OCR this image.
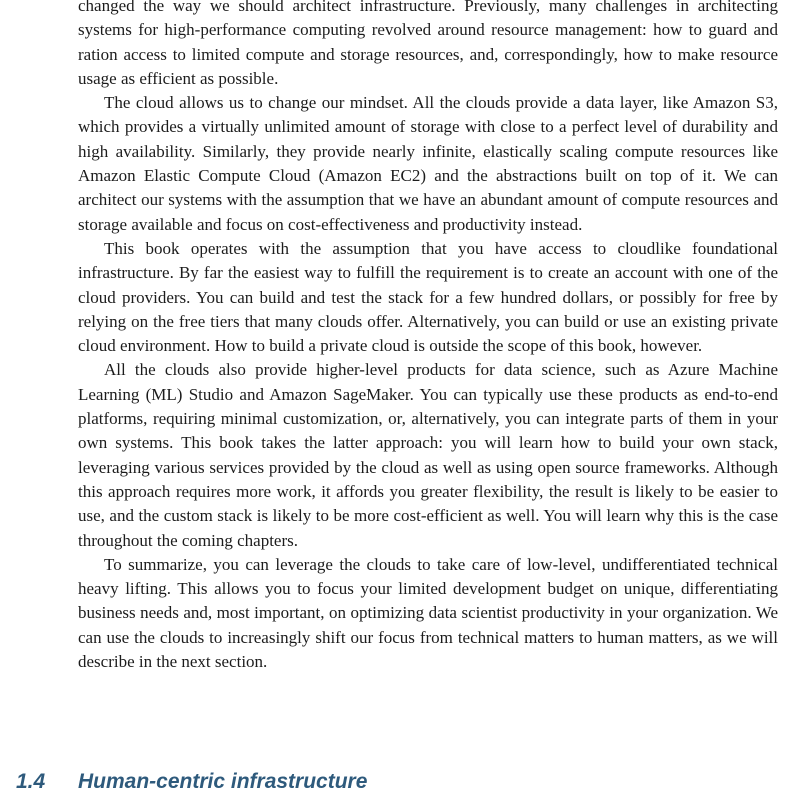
changed the way we should architect infrastructure. Previously, many challenges in architecting systems for high-performance computing revolved around resource management: how to guard and ration access to limited compute and storage resources, and, correspondingly, how to make resource usage as efficient as possible.

The cloud allows us to change our mindset. All the clouds provide a data layer, like Amazon S3, which provides a virtually unlimited amount of storage with close to a perfect level of durability and high availability. Similarly, they provide nearly infinite, elastically scaling compute resources like Amazon Elastic Compute Cloud (Amazon EC2) and the abstractions built on top of it. We can architect our systems with the assumption that we have an abundant amount of compute resources and storage available and focus on cost-effectiveness and productivity instead.

This book operates with the assumption that you have access to cloudlike foundational infrastructure. By far the easiest way to fulfill the requirement is to create an account with one of the cloud providers. You can build and test the stack for a few hundred dollars, or possibly for free by relying on the free tiers that many clouds offer. Alternatively, you can build or use an existing private cloud environment. How to build a private cloud is outside the scope of this book, however.

All the clouds also provide higher-level products for data science, such as Azure Machine Learning (ML) Studio and Amazon SageMaker. You can typically use these products as end-to-end platforms, requiring minimal customization, or, alternatively, you can integrate parts of them in your own systems. This book takes the latter approach: you will learn how to build your own stack, leveraging various services provided by the cloud as well as using open source frameworks. Although this approach requires more work, it affords you greater flexibility, the result is likely to be easier to use, and the custom stack is likely to be more cost-efficient as well. You will learn why this is the case throughout the coming chapters.

To summarize, you can leverage the clouds to take care of low-level, undifferentiated technical heavy lifting. This allows you to focus your limited development budget on unique, differentiating business needs and, most important, on optimizing data scientist productivity in your organization. We can use the clouds to increasingly shift our focus from technical matters to human matters, as we will describe in the next section.

1.4	Human-centric infrastructure
